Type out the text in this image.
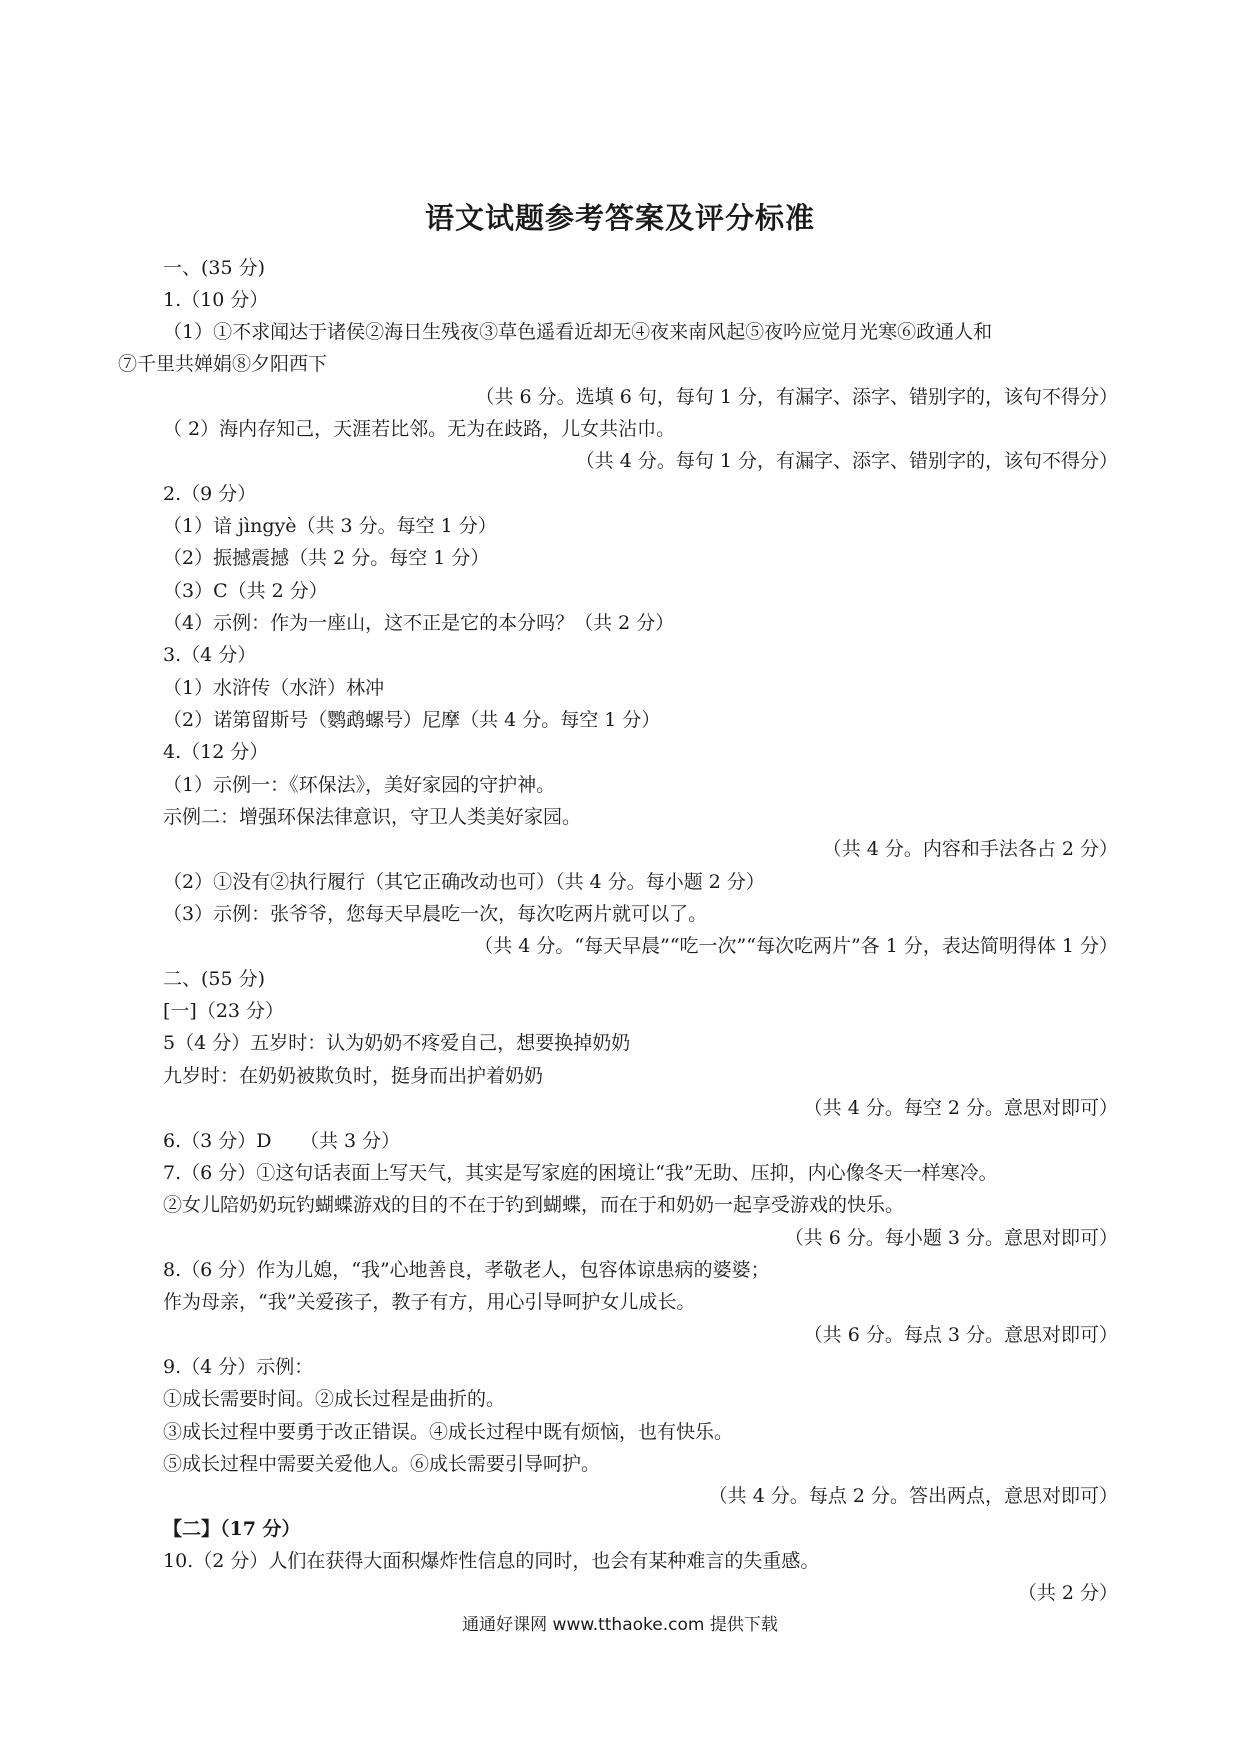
语文试题参考答案及评分标准
一、(35 分)
1.（10 分）
（1）①不求闻达于诸侯②海日生残夜③草色遥看近却无④夜来南风起⑤夜吟应觉月光寒⑥政通人和
⑦千里共婵娟⑧夕阳西下
（共 6 分。选填 6 句，每句 1 分，有漏字、添字、错别字的，该句不得分）
（ 2）海内存知己，天涯若比邻。无为在歧路，儿女共沾巾。
（共 4 分。每句 1 分，有漏字、添字、错别字的，该句不得分）
2.（9 分）
（1）谙 jìngyè（共 3 分。每空 1 分）
（2）振撼震撼（共 2 分。每空 1 分）
（3）C（共 2 分）
（4）示例：作为一座山，这不正是它的本分吗？（共 2 分）
3.（4 分）
（1）水浒传（水浒）林冲
（2）诺第留斯号（鹦鹉螺号）尼摩（共 4 分。每空 1 分）
4.（12 分）
（1）示例一：《环保法》，美好家园的守护神。
示例二：增强环保法律意识，守卫人类美好家园。
（共 4 分。内容和手法各占 2 分）
（2）①没有②执行履行（其它正确改动也可）（共 4 分。每小题 2 分）
（3）示例：张爷爷，您每天早晨吃一次，每次吃两片就可以了。
（共 4 分。“每天早晨”“吃一次”“每次吃两片”各 1 分，表达简明得体 1 分）
二、(55 分)
[一]（23 分）
5（4 分）五岁时：认为奶奶不疼爱自己，想要换掉奶奶
九岁时：在奶奶被欺负时，挺身而出护着奶奶
（共 4 分。每空 2 分。意思对即可）
6.（3 分）D　　（共 3 分）
7.（6 分）①这句话表面上写天气，其实是写家庭的困境让“我”无助、压抑，内心像冬天一样寒冷。
②女儿陪奶奶玩钓蝴蝶游戏的目的不在于钓到蝴蝶，而在于和奶奶一起享受游戏的快乐。
（共 6 分。每小题 3 分。意思对即可）
8.（6 分）作为儿媳，“我”心地善良，孝敬老人，包容体谅患病的婆婆；
作为母亲，“我”关爱孩子，教子有方，用心引导呵护女儿成长。
（共 6 分。每点 3 分。意思对即可）
9.（4 分）示例：
①成长需要时间。②成长过程是曲折的。
③成长过程中要勇于改正错误。④成长过程中既有烦恼，也有快乐。
⑤成长过程中需要关爱他人。⑥成长需要引导呵护。
（共 4 分。每点 2 分。答出两点，意思对即可）
【二】（17 分）
10.（2 分）人们在获得大面积爆炸性信息的同时，也会有某种难言的失重感。
（共 2 分）
通通好课网 www.tthaoke.com 提供下载
